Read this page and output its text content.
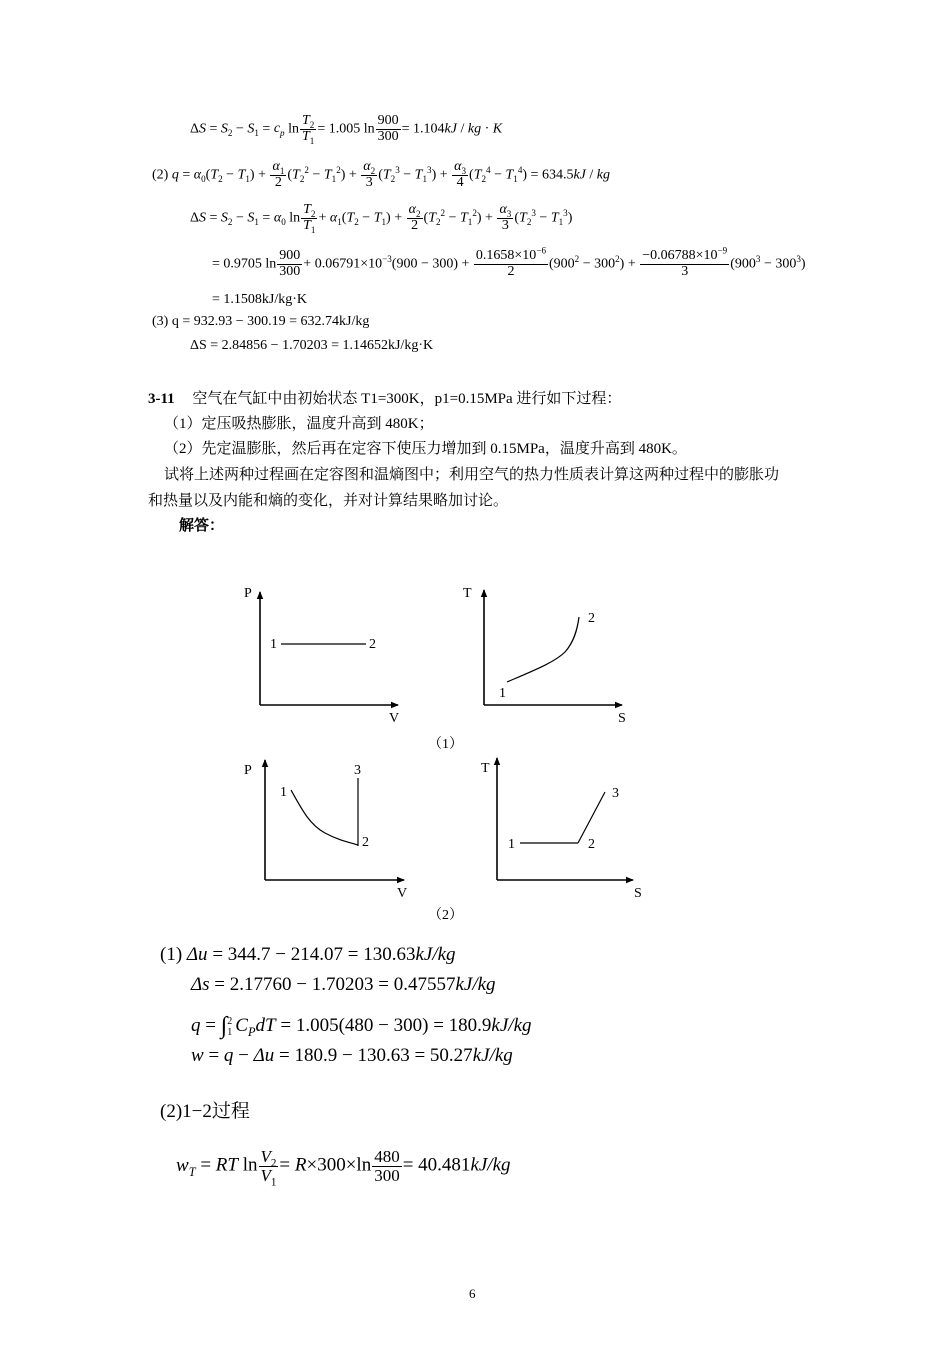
$\Delta S = S_2 - S_1 = c_p$ $\ln \frac{T_2}{T_1} = 1.005$ $\ln \frac{900}{300} = 1.104kJ$ / kg · K
(2) $q = \alpha_0(T_2 - T_1) + \frac{\alpha_1}{2} (T_2^2 - T_1^2) + \frac{\alpha_2}{3} (T_2^3 - T_1^3) + \frac{\alpha_3}{4} (T_2^4 - T_1^4) = 634.5kJ$ / kg
$\Delta S = S_2 - S_1 = \alpha_0$ $\ln \frac{T_2}{T_1} + \alpha_1(T_2 - T_1) + \frac{\alpha_2}{2} (T_2^2 - T_1^2) + \frac{\alpha_3}{3} (T_2^3 - T_1^3)$
= 0.9705 $\ln \frac{900}{300} + 0.06791\times 10^{-3}(900 - 300) + \frac{0.1658\times 10^{-6}}{2} (900^2 - 300^2) + \frac{-0.06788\times 10^{-9}}{3} (900^3 - 300^3)$
= 1.1508kJ/kg·K
(3) q = 932.93 − 300.19 = 632.74kJ/kg
ΔS = 2.84856 − 1.70203 = 1.14652kJ/kg·K
3-11 空气在气缸中由初始状态 T1=300K，p1=0.15MPa 进行如下过程：
（1）定压吸热膨胀，温度升高到 480K；
（2）先定温膨胀，然后再在定容下使压力增加到 0.15MPa，温度升高到 480K。
试将上述两种过程画在定容图和温熵图中；利用空气的热力性质表计算这两种过程中的膨胀功
和热量以及内能和熵的变化，并对计算结果略加讨论。
解答：
P
V
1	2
T
S
1
2
（1）
P
V
1
2
3	T
S
1	2
3
（2）
(1) Δu = 344.7 − 214.07 = 130.63kJ/kg
Δs = 2.17760 − 1.70203 = 0.47557kJ/kg
q = ∫ 2
1 $C_PdT = 1.005(480 - 300) = 180.9kJ/kg$
w = q − Δu = 180.9 − 130.63 = 50.27kJ/kg
(2)1−2过程
$w_T$ = RT $\ln \frac{V_2}{V_1} = R\times 300\times\ln \frac{480}{300} = 40.481kJ/kg$
6
